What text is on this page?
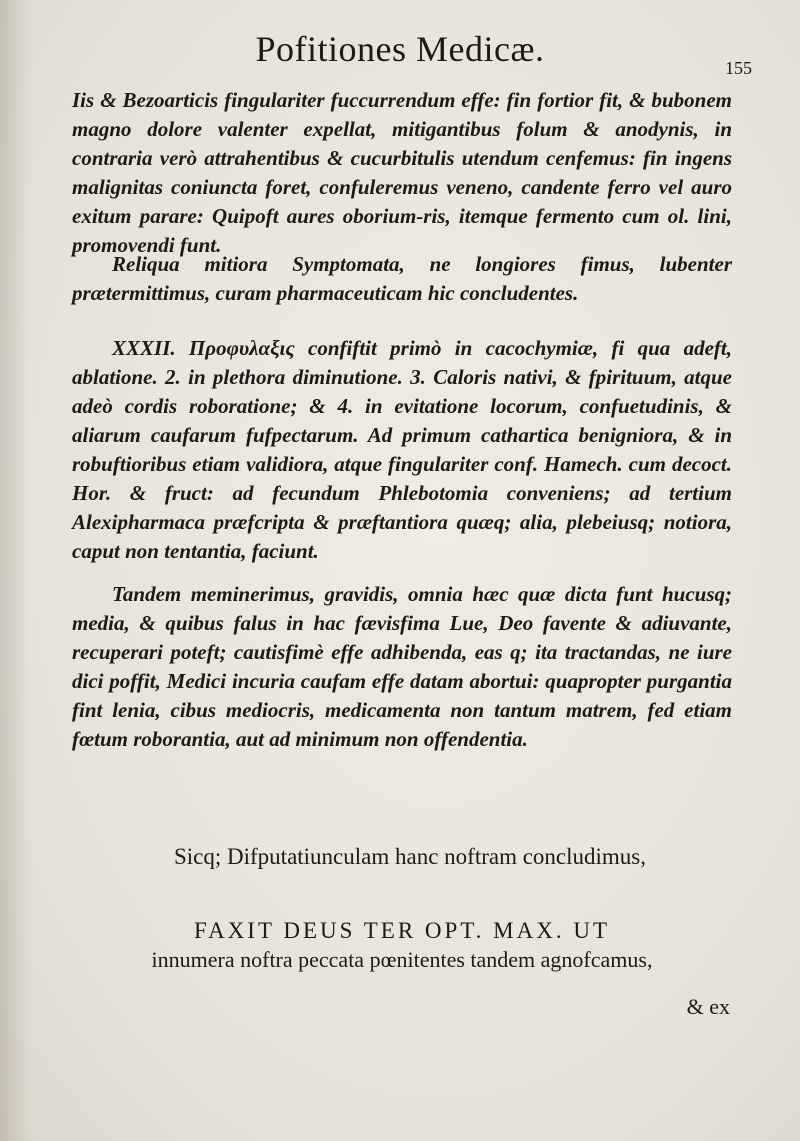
Pofitiones Medicæ.	155

Iis & Bezoarticis fingulariter fuccurrendum effe: fin fortior fit, & bubonem magno dolore valenter expellat, mitigantibus folum & anodynis, in contraria verò attrahentibus & cucurbitulis utendum cenfemus: fin ingens malignitas coniuncta foret, confuleremus veneno, candente ferro vel auro exitum parare: Quipoft aures oborium-ris, itemque fermento cum ol. lini, promovendi funt.

Reliqua mitiora Symptomata, ne longiores fimus, lubenter prætermittimus, curam pharmaceuticam hic concludentes.

XXXII. Προφυλαξις confiftit primò in cacochymiæ, fi qua adeft, ablatione. 2. in plethora diminutione. 3. Caloris nativi, & fpirituum, atque adeò cordis roboratione; & 4. in evitatione locorum, confuetudinis, & aliarum caufarum fufpectarum. Ad primum cathartica benigniora, & in robuftioribus etiam validiora, atque fingulariter conf. Hamech. cum decoct. Hor. & fruct: ad fecundum Phlebotomia conveniens; ad tertium Alexipharmaca præfcripta & præftantiora quæq; alia, plebeiusq; notiora, caput non tentantia, faciunt.

Tandem meminerimus, gravidis, omnia hæc quæ dicta funt hucusq; media, & quibus falus in hac fævisfima Lue, Deo favente & adiuvante, recuperari poteft; cautisfimè effe adhibenda, eas q; ita tractandas, ne iure dici poffit, Medici incuria caufam effe datam abortui: quapropter purgantia fint lenia, cibus mediocris, medicamenta non tantum matrem, fed etiam fœtum roborantia, aut ad minimum non offendentia.

Sicq; Difputatiunculam hanc noftram concludimus,
FAXIT DEUS TER OPT. MAX. UT
innumera noftra peccata pœnitentes tandem agnofcamus,
& ex
